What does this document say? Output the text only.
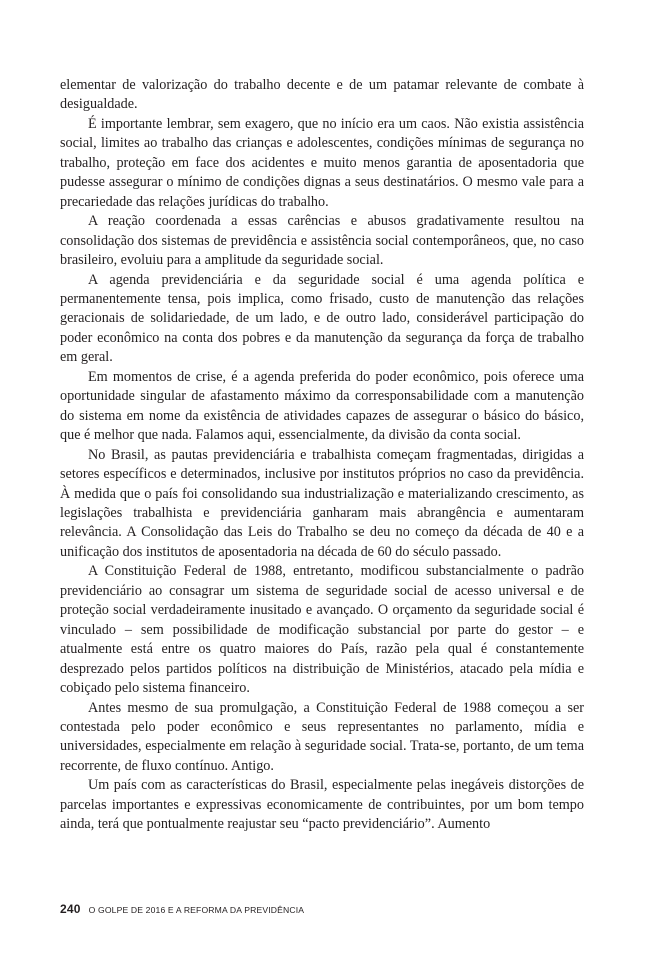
elementar de valorização do trabalho decente e de um patamar relevante de combate à desigualdade.

É importante lembrar, sem exagero, que no início era um caos. Não existia assistência social, limites ao trabalho das crianças e adolescentes, condições mínimas de segurança no trabalho, proteção em face dos acidentes e muito menos garantia de aposentadoria que pudesse assegurar o mínimo de condições dignas a seus destinatários. O mesmo vale para a precariedade das relações jurídicas do trabalho.

A reação coordenada a essas carências e abusos gradativamente resultou na consolidação dos sistemas de previdência e assistência social contemporâneos, que, no caso brasileiro, evoluiu para a amplitude da seguridade social.

A agenda previdenciária e da seguridade social é uma agenda política e permanentemente tensa, pois implica, como frisado, custo de manutenção das relações geracionais de solidariedade, de um lado, e de outro lado, considerável participação do poder econômico na conta dos pobres e da manutenção da segurança da força de trabalho em geral.

Em momentos de crise, é a agenda preferida do poder econômico, pois oferece uma oportunidade singular de afastamento máximo da corresponsabilidade com a manutenção do sistema em nome da existência de atividades capazes de assegurar o básico do básico, que é melhor que nada. Falamos aqui, essencialmente, da divisão da conta social.

No Brasil, as pautas previdenciária e trabalhista começam fragmentadas, dirigidas a setores específicos e determinados, inclusive por institutos próprios no caso da previdência. À medida que o país foi consolidando sua industrialização e materializando crescimento, as legislações trabalhista e previdenciária ganharam mais abrangência e aumentaram relevância. A Consolidação das Leis do Trabalho se deu no começo da década de 40 e a unificação dos institutos de aposentadoria na década de 60 do século passado.

A Constituição Federal de 1988, entretanto, modificou substancialmente o padrão previdenciário ao consagrar um sistema de seguridade social de acesso universal e de proteção social verdadeiramente inusitado e avançado. O orçamento da seguridade social é vinculado – sem possibilidade de modificação substancial por parte do gestor – e atualmente está entre os quatro maiores do País, razão pela qual é constantemente desprezado pelos partidos políticos na distribuição de Ministérios, atacado pela mídia e cobiçado pelo sistema financeiro.

Antes mesmo de sua promulgação, a Constituição Federal de 1988 começou a ser contestada pelo poder econômico e seus representantes no parlamento, mídia e universidades, especialmente em relação à seguridade social. Trata-se, portanto, de um tema recorrente, de fluxo contínuo. Antigo.

Um país com as características do Brasil, especialmente pelas inegáveis distorções de parcelas importantes e expressivas economicamente de contribuintes, por um bom tempo ainda, terá que pontualmente reajustar seu “pacto previdenciário”. Aumento

240 O GOLPE DE 2016 E A REFORMA DA PREVIDÊNCIA
